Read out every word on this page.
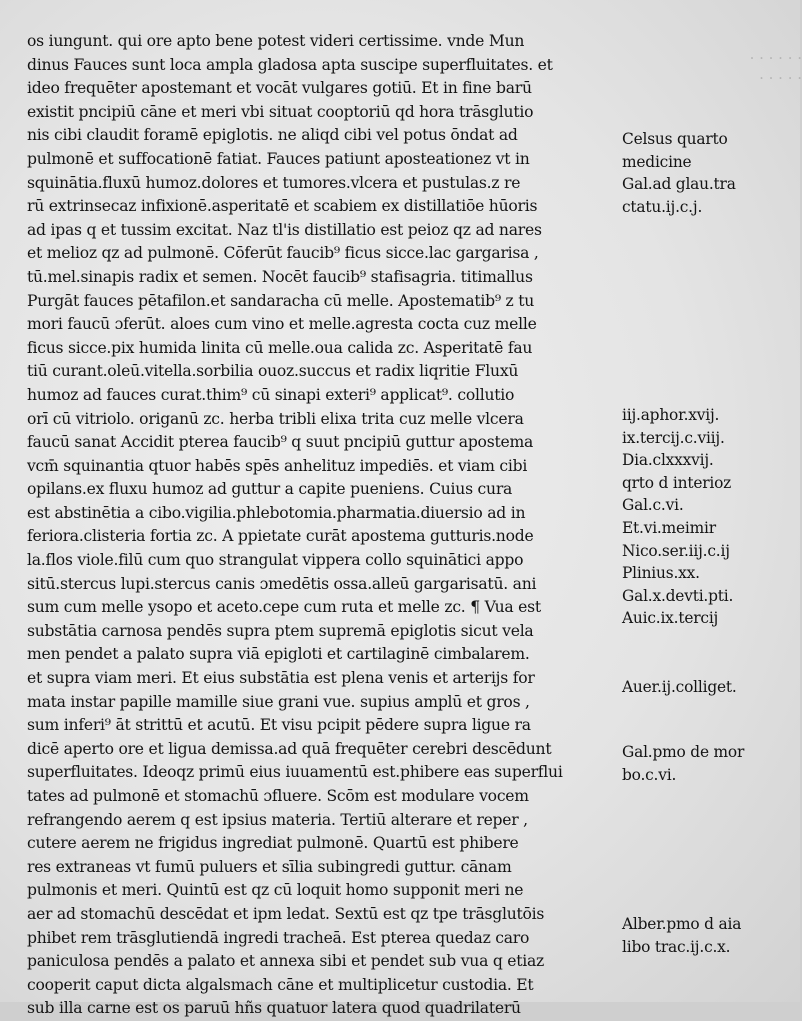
· · · · · ·
· · · · ·
os iungunt. qui ore apto bene potest videri certissime. vnde Mun
dinus Fauces sunt loca ampla gladosa apta suscipe superfluitates. et
ideo frequēter apostemant et vocāt vulgares gotiū. Et in fine barū
existit pncipiū cāne et meri vbi situat cooptoriū qd hora trāsglutio
nis cibi claudit foramē epiglotis. ne aliqd cibi vel potus ōndat ad
pulmonē et suffocationē fatiat. Fauces patiunt aposteationez vt in
squinātia.fluxū humoz.dolores et tumores.vlcera et pustulas.z re
rū extrinsecaz infixionē.asperitatē et scabiem ex distillatiōe hūoris
ad ipas q et tussim excitat. Naz tl'is distillatio est peioz qz ad nares
et melioz qz ad pulmonē. Cōferūt faucib⁹ ficus sicce.lac gargarisa ,
tū.mel.sinapis radix et semen. Nocēt faucib⁹ stafisagria. titimallus
Purgāt fauces pētafilon.et sandaracha cū melle. Apostematib⁹ z tu
mori faucū ɔferūt. aloes cum vino et melle.agresta cocta cuz melle
ficus sicce.pix humida linita cū melle.oua calida zc. Asperitatē fau
tiū curant.oleū.vitella.sorbilia ouoz.succus et radix liqritie Fluxū
humoz ad fauces curat.thim⁹ cū sinapi exteri⁹ applicat⁹. collutio
orī cū vitriolo. origanū zc. herba tribli elixa trita cuz melle vlcera
faucū sanat Accidit pterea faucib⁹ q suut pncipiū guttur apostema
vcm̄ squinantia qtuor habēs spēs anhelituz impediēs. et viam cibi
opilans.ex fluxu humoz ad guttur a capite pueniens. Cuius cura
est abstinētia a cibo.vigilia.phlebotomia.pharmatia.diuersio ad in
feriora.clisteria fortia zc. A ppietate curāt apostema gutturis.node
la.flos viole.filū cum quo strangulat vippera collo squinātici appo
sitū.stercus lupi.stercus canis ɔmedētis ossa.alleū gargarisatū. ani
sum cum melle ysopo et aceto.cepe cum ruta et melle zc. ¶ Vua est
substātia carnosa pendēs supra ptem supremā epiglotis sicut vela
men pendet a palato supra viā epigloti et cartilaginē cimbalarem.
et supra viam meri. Et eius substātia est plena venis et arterijs for
mata instar papille mamille siue grani vue. supius amplū et gros ,
sum inferi⁹ āt strittū et acutū. Et visu pcipit pēdere supra ligue ra
dicē aperto ore et ligua demissa.ad quā frequēter cerebri descēdunt
superfluitates. Ideoqz primū eius iuuamentū est.phibere eas superflui
tates ad pulmonē et stomachū ɔfluere. Scōm est modulare vocem
refrangendo aerem q est ipsius materia. Tertiū alterare et reper ,
cutere aerem ne frigidus ingrediat pulmonē. Quartū est phibere
res extraneas vt fumū puluers et sīlia subingredi guttur. cānam
pulmonis et meri. Quintū est qz cū loquit homo supponit meri ne
aer ad stomachū descēdat et ipm ledat. Sextū est qz tpe trāsglutōis
phibet rem trāsglutiendā ingredi tracheā. Est pterea quedaz caro
paniculosa pendēs a palato et annexa sibi et pendet sub vua q etiaz
cooperit caput dicta algalsmach cāne et multiplicetur custodia. Et
sub illa carne est os paruū hñs quatuor latera quod quadrilaterū
Celsus quarto
medicine
Gal.ad glau.tra
ctatu.ij.c.j.
iij.aphor.xvij.
ix.tercij.c.viij.
Dia.clxxxvij.
qrto d interioz
Gal.c.vi.
Et.vi.meimir
Nico.ser.iij.c.ij
Plinius.xx.
Gal.x.devti.pti.
Auic.ix.tercij
Auer.ij.colliget.
Gal.pmo de mor
bo.c.vi.
Alber.pmo d aia
libo trac.ij.c.x.
